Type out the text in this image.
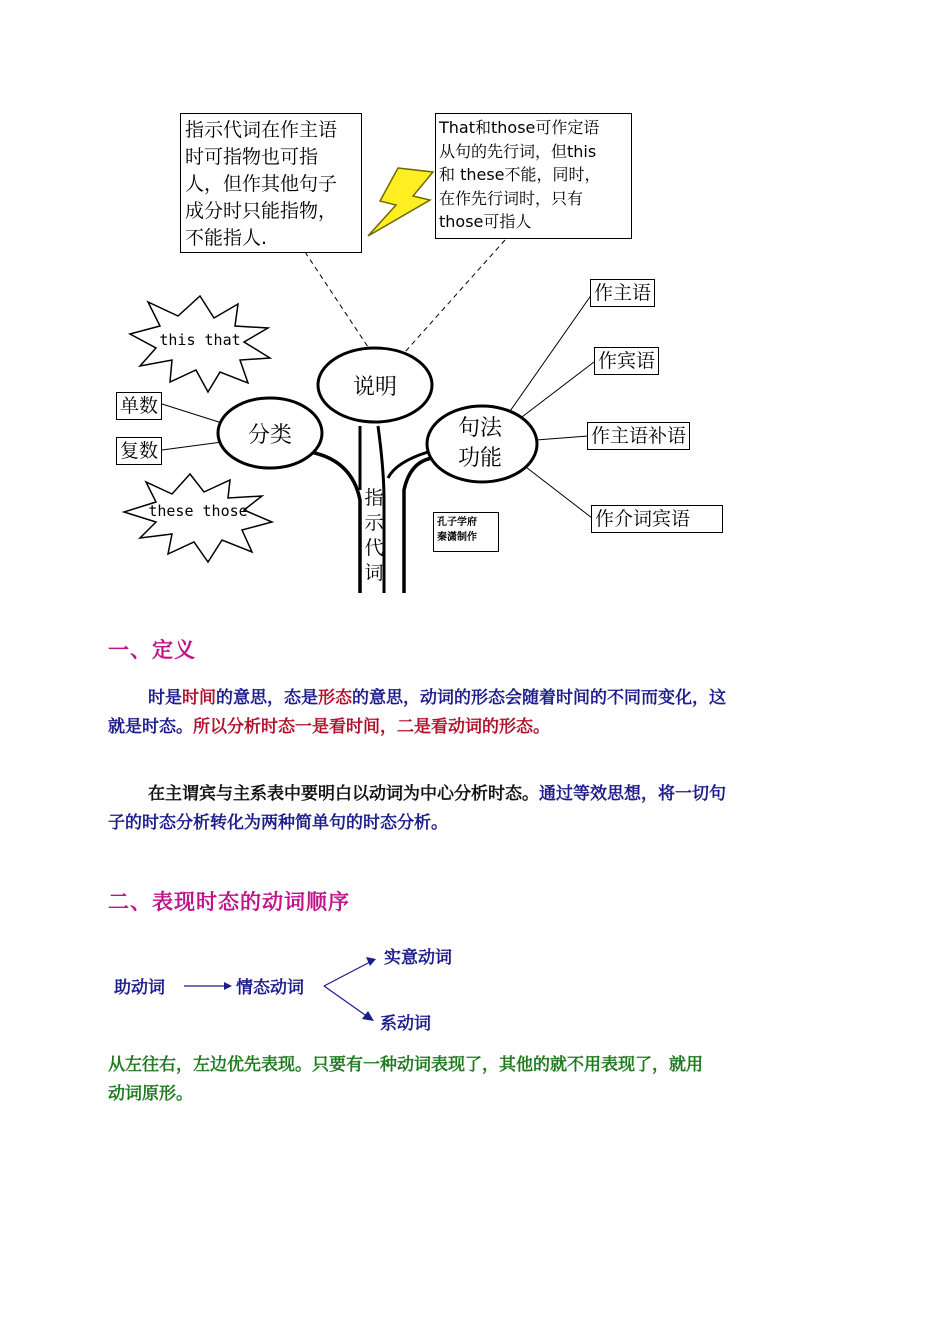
指示代词在作主语
时可指物也可指
人，但作其他句子
成分时只能指物，
不能指人.
That和those可作定语
从句的先行词，但this
和 these不能，同时，
在作先行词时，只有
those可指人
this that
these those
单数
复数
分类
说明
句法
功能
指
示
代
词
孔子学府
秦潇制作
作主语
作宾语
作主语补语
作介词宾语
一、定义

时是时间的意思，态是形态的意思，动词的形态会随着时间的不同而变化，这就是时态。所以分析时态一是看时间，二是看动词的形态。

在主谓宾与主系表中要明白以动词为中心分析时态。通过等效思想，将一切句子的时态分析转化为两种简单句的时态分析。

二、表现时态的动词顺序
助动词	情态动词
实意动词
系动词

从左往右，左边优先表现。只要有一种动词表现了，其他的就不用表现了，就用动词原形。
